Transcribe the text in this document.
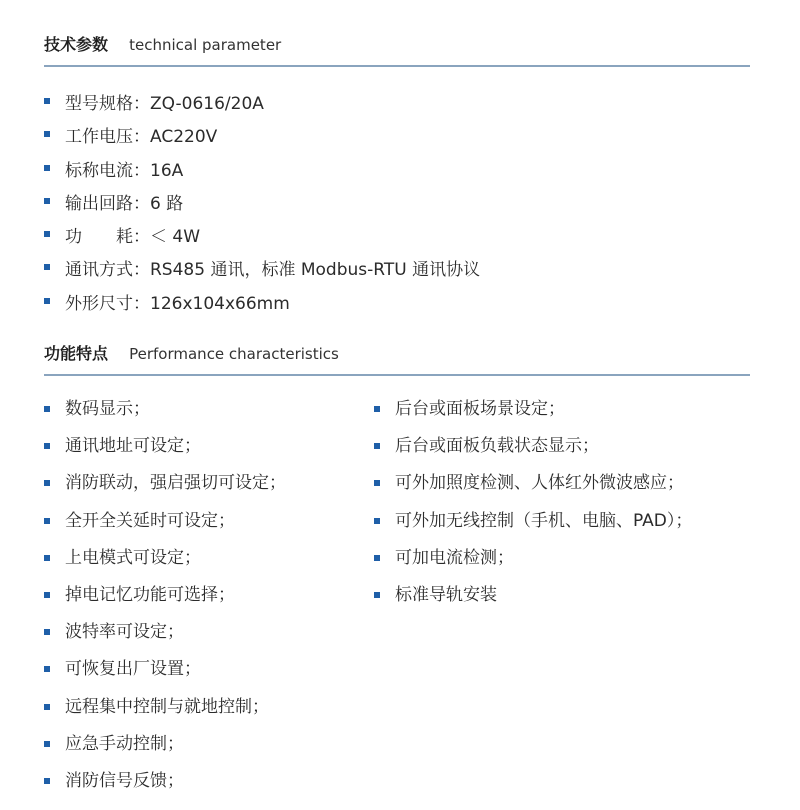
技术参数 technical parameter
型号规格：ZQ-0616/20A
工作电压：AC220V
标称电流：16A
输出回路：6 路
功　　耗：＜ 4W
通讯方式：RS485 通讯，标准 Modbus-RTU 通讯协议
外形尺寸：126x104x66mm
功能特点 Performance characteristics
数码显示；
通讯地址可设定；
消防联动，强启强切可设定；
全开全关延时可设定；
上电模式可设定；
掉电记忆功能可选择；
波特率可设定；
可恢复出厂设置；
远程集中控制与就地控制；
应急手动控制；
消防信号反馈；
后台或面板场景设定；
后台或面板负载状态显示；
可外加照度检测、人体红外微波感应；
可外加无线控制（手机、电脑、PAD）；
可加电流检测；
标准导轨安装
